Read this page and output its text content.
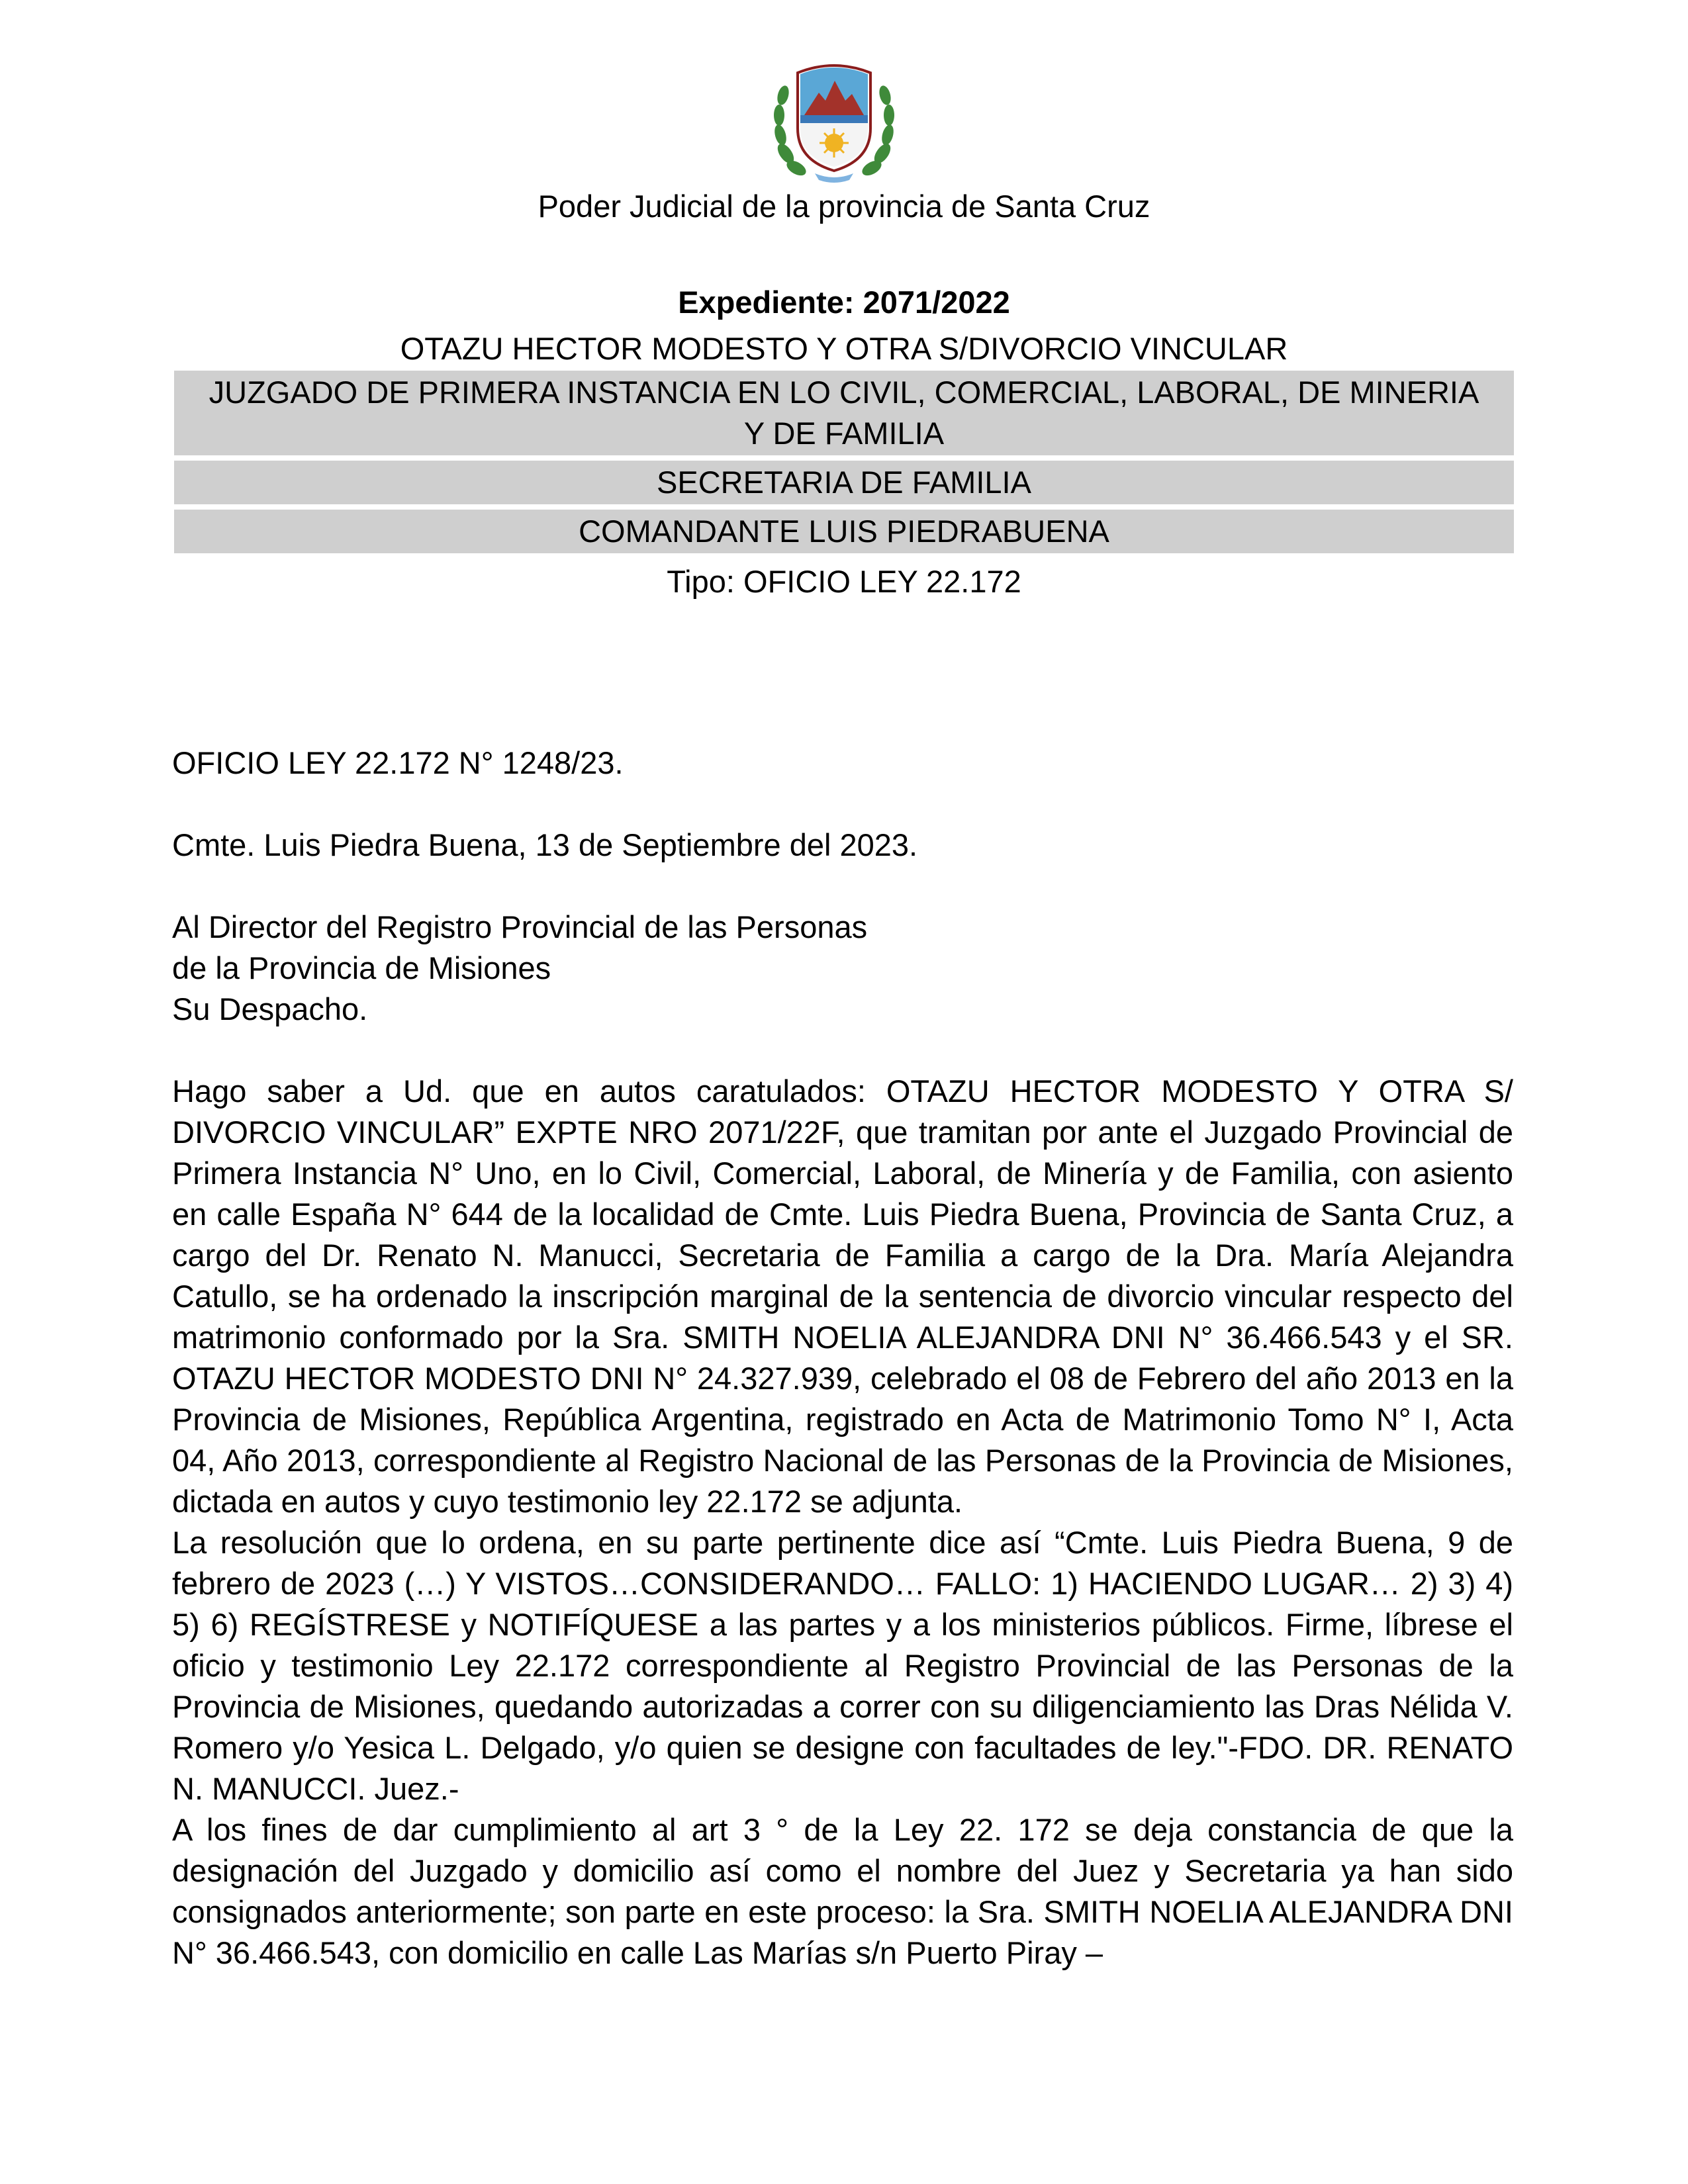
Poder Judicial de la provincia de Santa Cruz
Expediente: 2071/2022
OTAZU HECTOR MODESTO Y OTRA S/DIVORCIO VINCULAR
JUZGADO DE PRIMERA INSTANCIA EN LO CIVIL, COMERCIAL, LABORAL, DE MINERIA Y DE FAMILIA
SECRETARIA DE FAMILIA
COMANDANTE LUIS PIEDRABUENA
Tipo: OFICIO LEY 22.172

OFICIO LEY 22.172 N° 1248/23.

Cmte. Luis Piedra Buena, 13 de Septiembre del 2023.

Al Director del Registro Provincial de las Personas

de la Provincia de Misiones

Su Despacho.

Hago saber a Ud. que en autos caratulados: OTAZU HECTOR MODESTO Y OTRA S/ DIVORCIO VINCULAR” EXPTE NRO 2071/22F, que tramitan por ante el Juzgado Provincial de Primera Instancia N° Uno, en lo Civil, Comercial, Laboral, de Minería y de Familia, con asiento en calle España N° 644 de la localidad de Cmte. Luis Piedra Buena, Provincia de Santa Cruz, a cargo del Dr. Renato N. Manucci, Secretaria de Familia a cargo de la Dra. María Alejandra Catullo, se ha ordenado la inscripción marginal de la sentencia de divorcio vincular respecto del matrimonio conformado por la Sra. SMITH NOELIA ALEJANDRA DNI N° 36.466.543 y el SR. OTAZU HECTOR MODESTO DNI N° 24.327.939, celebrado el 08 de Febrero del año 2013 en la Provincia de Misiones, República Argentina, registrado en Acta de Matrimonio Tomo N° I, Acta 04, Año 2013, correspondiente al Registro Nacional de las Personas de la Provincia de Misiones, dictada en autos y cuyo testimonio ley 22.172 se adjunta.

La resolución que lo ordena, en su parte pertinente dice así “Cmte. Luis Piedra Buena, 9 de febrero de 2023 (…) Y VISTOS…CONSIDERANDO… FALLO: 1) HACIENDO LUGAR… 2) 3) 4) 5) 6) REGÍSTRESE y NOTIFÍQUESE a las partes y a los ministerios públicos. Firme, líbrese el oficio y testimonio Ley 22.172 correspondiente al Registro Provincial de las Personas de la Provincia de Misiones, quedando autorizadas a correr con su diligenciamiento las Dras Nélida V. Romero y/o Yesica L. Delgado, y/o quien se designe con facultades de ley."-FDO. DR. RENATO N. MANUCCI. Juez.-

A los fines de dar cumplimiento al art 3 ° de la Ley 22. 172 se deja constancia de que la designación del Juzgado y domicilio así como el nombre del Juez y Secretaria ya han sido consignados anteriormente; son parte en este proceso: la Sra. SMITH NOELIA ALEJANDRA DNI N° 36.466.543, con domicilio en calle Las Marías s/n Puerto Piray –
